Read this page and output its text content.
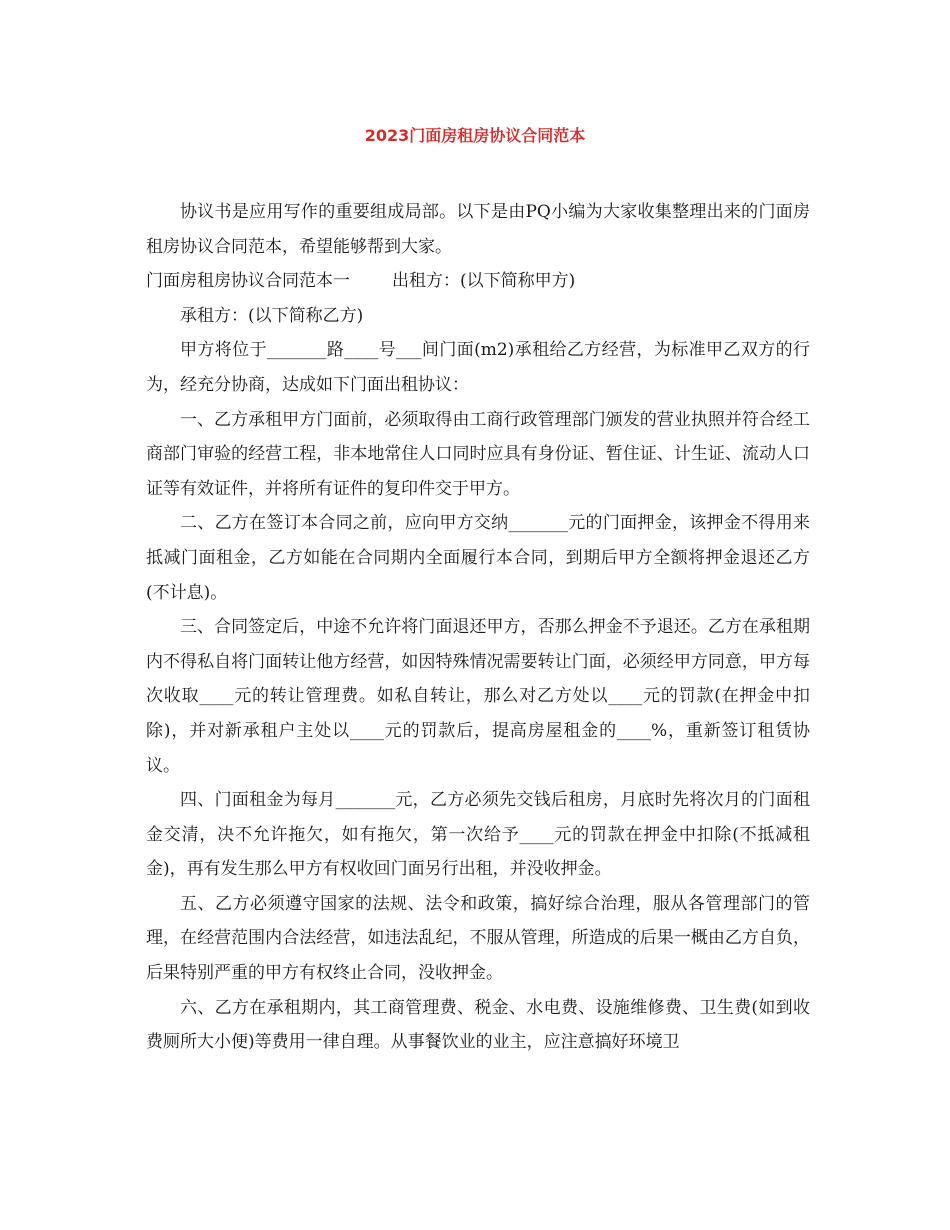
2023门面房租房协议合同范本

协议书是应用写作的重要组成局部。以下是由PQ小编为大家收集整理出来的门面房租房协议合同范本，希望能够帮到大家。

门面房租房协议合同范本一 出租方：(以下简称甲方)

承租方：(以下简称乙方)

甲方将位于_______路____号___间门面(m2)承租给乙方经营，为标准甲乙双方的行为，经充分协商，达成如下门面出租协议：

一、乙方承租甲方门面前，必须取得由工商行政管理部门颁发的营业执照并符合经工商部门审验的经营工程，非本地常住人口同时应具有身份证、暂住证、计生证、流动人口证等有效证件，并将所有证件的复印件交于甲方。

二、乙方在签订本合同之前，应向甲方交纳_______元的门面押金，该押金不得用来抵减门面租金，乙方如能在合同期内全面履行本合同，到期后甲方全额将押金退还乙方(不计息)。

三、合同签定后，中途不允许将门面退还甲方，否那么押金不予退还。乙方在承租期内不得私自将门面转让他方经营，如因特殊情况需要转让门面，必须经甲方同意，甲方每次收取____元的转让管理费。如私自转让，那么对乙方处以____元的罚款(在押金中扣除)，并对新承租户主处以____元的罚款后，提高房屋租金的____%，重新签订租赁协议。

四、门面租金为每月_______元，乙方必须先交钱后租房，月底时先将次月的门面租金交清，决不允许拖欠，如有拖欠，第一次给予____元的罚款在押金中扣除(不抵减租金)，再有发生那么甲方有权收回门面另行出租，并没收押金。

五、乙方必须遵守国家的法规、法令和政策，搞好综合治理，服从各管理部门的管理，在经营范围内合法经营，如违法乱纪，不服从管理，所造成的后果一概由乙方自负，后果特别严重的甲方有权终止合同，没收押金。

六、乙方在承租期内，其工商管理费、税金、水电费、设施维修费、卫生费(如到收费厕所大小便)等费用一律自理。从事餐饮业的业主，应注意搞好环境卫
